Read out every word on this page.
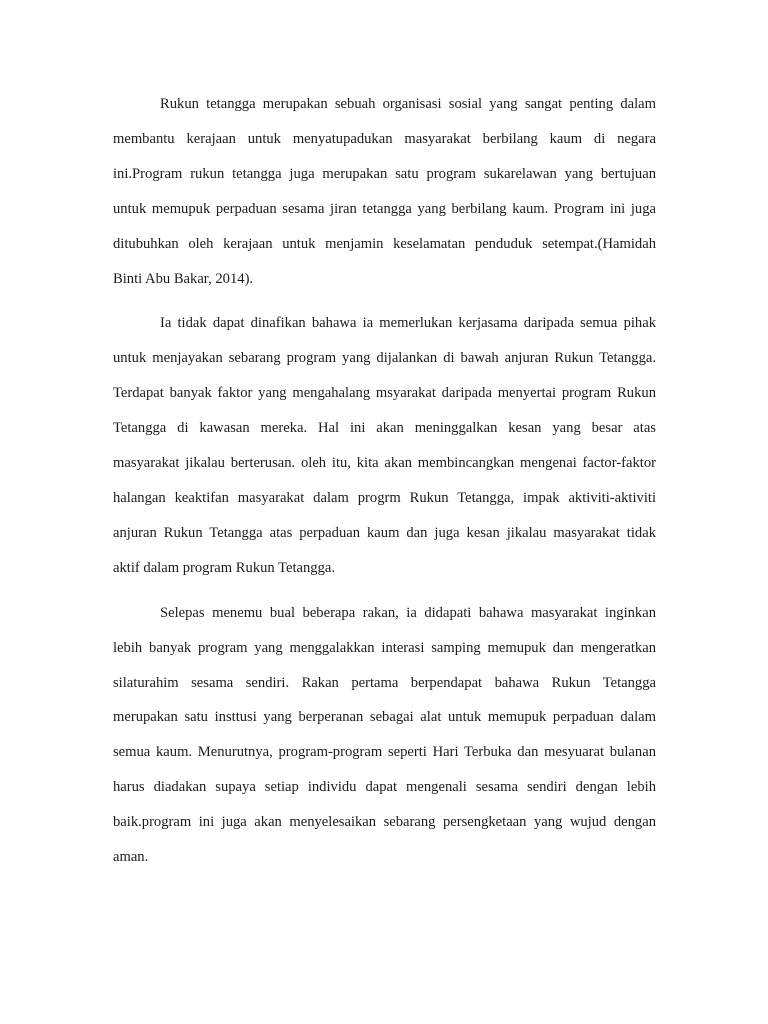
Rukun tetangga merupakan sebuah organisasi sosial yang sangat penting dalam
membantu kerajaan untuk menyatupadukan masyarakat berbilang kaum di negara
ini.Program rukun tetangga juga merupakan satu program sukarelawan yang bertujuan
untuk memupuk perpaduan sesama jiran tetangga yang berbilang kaum. Program ini juga
ditubuhkan oleh kerajaan untuk menjamin keselamatan penduduk setempat.(Hamidah
Binti Abu Bakar, 2014).
Ia tidak dapat dinafikan bahawa ia memerlukan kerjasama daripada semua pihak
untuk menjayakan sebarang program yang dijalankan di bawah anjuran Rukun Tetangga.
Terdapat banyak faktor yang mengahalang msyarakat daripada menyertai program Rukun
Tetangga di kawasan mereka. Hal ini akan meninggalkan kesan yang besar atas
masyarakat jikalau berterusan. oleh itu, kita akan membincangkan mengenai factor-faktor
halangan keaktifan masyarakat dalam progrm Rukun Tetangga, impak aktiviti-aktiviti
anjuran Rukun Tetangga atas perpaduan kaum dan juga kesan jikalau masyarakat tidak
aktif dalam program Rukun Tetangga.
Selepas menemu bual beberapa rakan, ia didapati bahawa masyarakat inginkan
lebih banyak program yang menggalakkan interasi samping memupuk dan mengeratkan
silaturahim sesama sendiri. Rakan pertama berpendapat bahawa Rukun Tetangga
merupakan satu insttusi yang berperanan sebagai alat untuk memupuk perpaduan dalam
semua kaum. Menurutnya, program-program seperti Hari Terbuka dan mesyuarat bulanan
harus diadakan supaya setiap individu dapat mengenali sesama sendiri dengan lebih
baik.program ini juga akan menyelesaikan sebarang persengketaan yang wujud dengan
aman.
